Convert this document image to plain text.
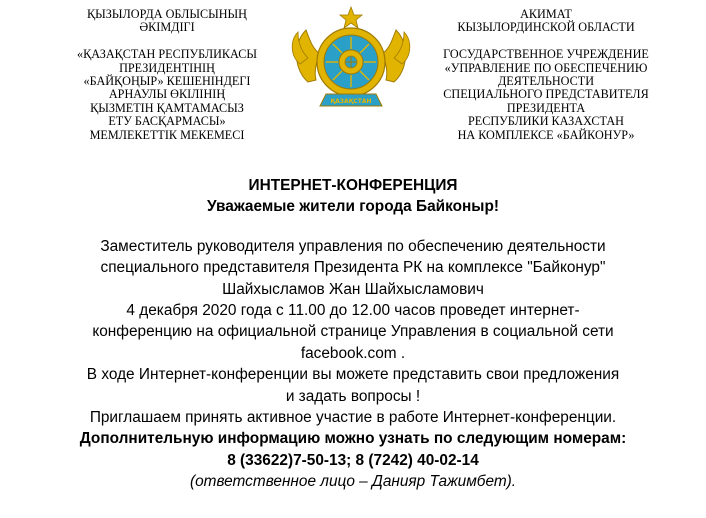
ҚЫЗЫЛОРДА ОБЛЫСЫНЫҢ
ӘКІМДІГІ
«ҚАЗАҚСТАН РЕСПУБЛИКАСЫ
ПРЕЗИДЕНТІНІҢ
«БАЙҚОҢЫР» КЕШЕНІНДЕГІ
АРНАУЛЫ ӨКІЛІНІҢ
ҚЫЗМЕТІН ҚАМТАМАСЫЗ
ЕТУ БАСҚАРМАСЫ»
МЕМЛЕКЕТТІК МЕКЕМЕСІ
ҚАЗАҚСТАН
АКИМАТ
КЫЗЫЛОРДИНСКОЙ ОБЛАСТИ
ГОСУДАРСТВЕННОЕ УЧРЕЖДЕНИЕ
«УПРАВЛЕНИЕ ПО ОБЕСПЕЧЕНИЮ
ДЕЯТЕЛЬНОСТИ
СПЕЦИАЛЬНОГО ПРЕДСТАВИТЕЛЯ
ПРЕЗИДЕНТА
РЕСПУБЛИКИ КАЗАХСТАН
НА КОМПЛЕКСЕ «БАЙКОНУР»
ИНТЕРНЕТ-КОНФЕРЕНЦИЯ
Уважаемые жители города Байконыр!
Заместитель руководителя управления по обеспечению деятельности
специального представителя Президента РК на комплексе "Байконур"
Шайхысламов Жан Шайхысламович
4 декабря 2020 года с 11.00 до 12.00 часов проведет интернет-
конференцию на официальной странице Управления в социальной сети
facebook.com .
В ходе Интернет-конференции вы можете представить свои предложения
и задать вопросы !
Приглашаем принять активное участие в работе Интернет-конференции.
Дополнительную информацию можно узнать по следующим номерам:
8 (33622)7-50-13; 8 (7242) 40-02-14
(ответственное лицо – Данияр Тажимбет).
